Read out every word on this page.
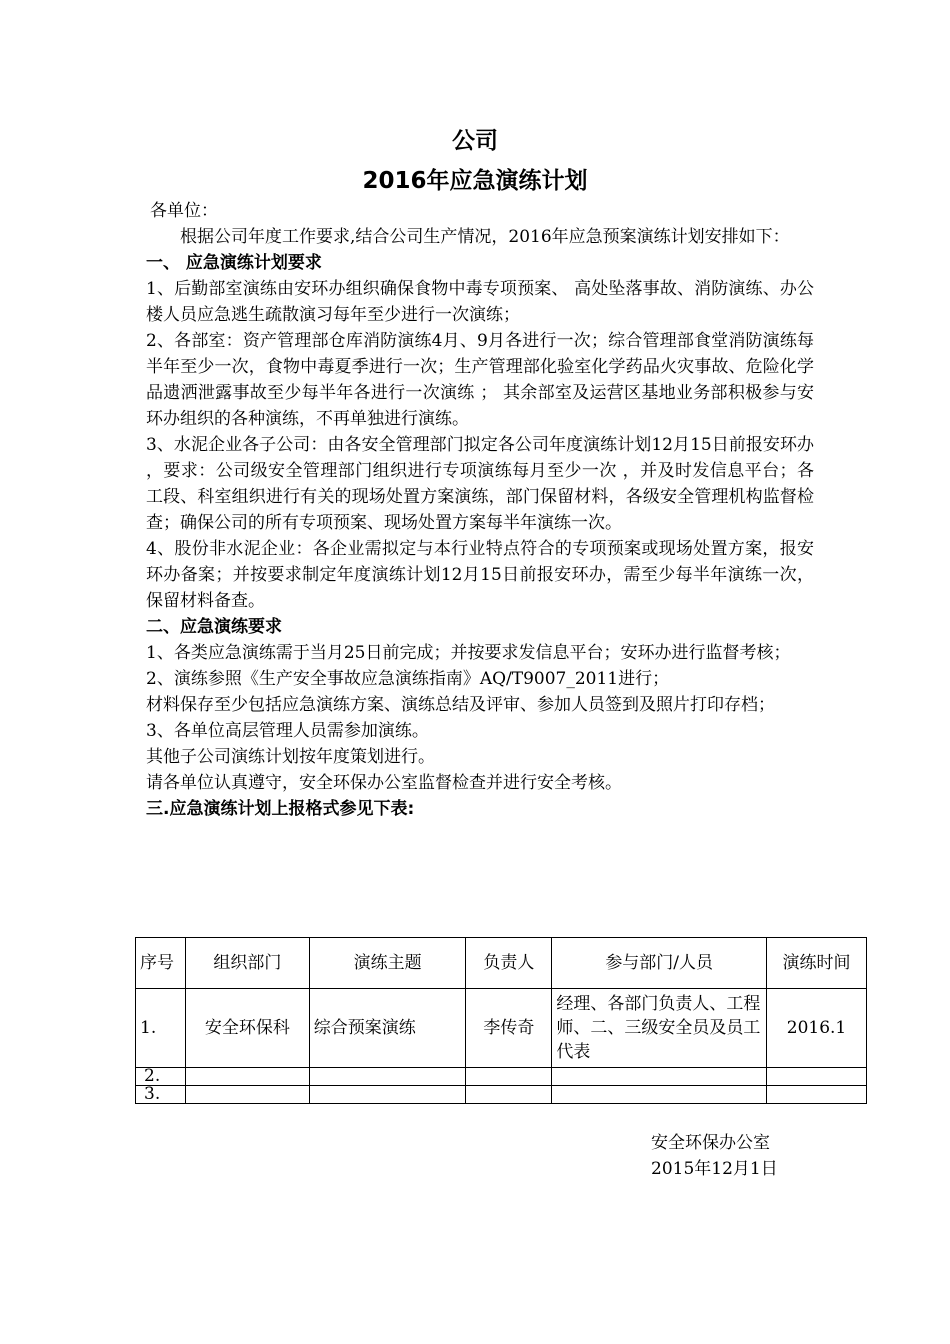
公司
2016年应急演练计划

各单位：

根据公司年度工作要求,结合公司生产情况，2016年应急预案演练计划安排如下：

一、 应急演练计划要求

1、后勤部室演练由安环办组织确保食物中毒专项预案、 高处坠落事故、消防演练、办公楼人员应急逃生疏散演习每年至少进行一次演练；

2、各部室：资产管理部仓库消防演练4月、9月各进行一次；综合管理部食堂消防演练每半年至少一次，食物中毒夏季进行一次；生产管理部化验室化学药品火灾事故、危险化学品遗洒泄露事故至少每半年各进行一次演练 ； 其余部室及运营区基地业务部积极参与安环办组织的各种演练，不再单独进行演练。

3、水泥企业各子公司：由各安全管理部门拟定各公司年度演练计划12月15日前报安环办 ，要求：公司级安全管理部门组织进行专项演练每月至少一次 ，并及时发信息平台；各工段、科室组织进行有关的现场处置方案演练，部门保留材料，各级安全管理机构监督检查；确保公司的所有专项预案、现场处置方案每半年演练一次。

4、股份非水泥企业：各企业需拟定与本行业特点符合的专项预案或现场处置方案，报安环办备案；并按要求制定年度演练计划12月15日前报安环办，需至少每半年演练一次，保留材料备查。

二、应急演练要求

1、各类应急演练需于当月25日前完成；并按要求发信息平台；安环办进行监督考核；

2、演练参照《生产安全事故应急演练指南》AQ/T9007_2011进行；

材料保存至少包括应急演练方案、演练总结及评审、参加人员签到及照片打印存档；

3、各单位高层管理人员需参加演练。

其他子公司演练计划按年度策划进行。

请各单位认真遵守，安全环保办公室监督检查并进行安全考核。

三.应急演练计划上报格式参见下表:

序号	组织部门	演练主题	负责人	参与部门/人员	演练时间
1.	安全环保科	综合预案演练	李传奇	经理、各部门负责人、工程师、二、三级安全员及员工代表	2016.1
2.					
3.					
安全环保办公室
2015年12月1日
